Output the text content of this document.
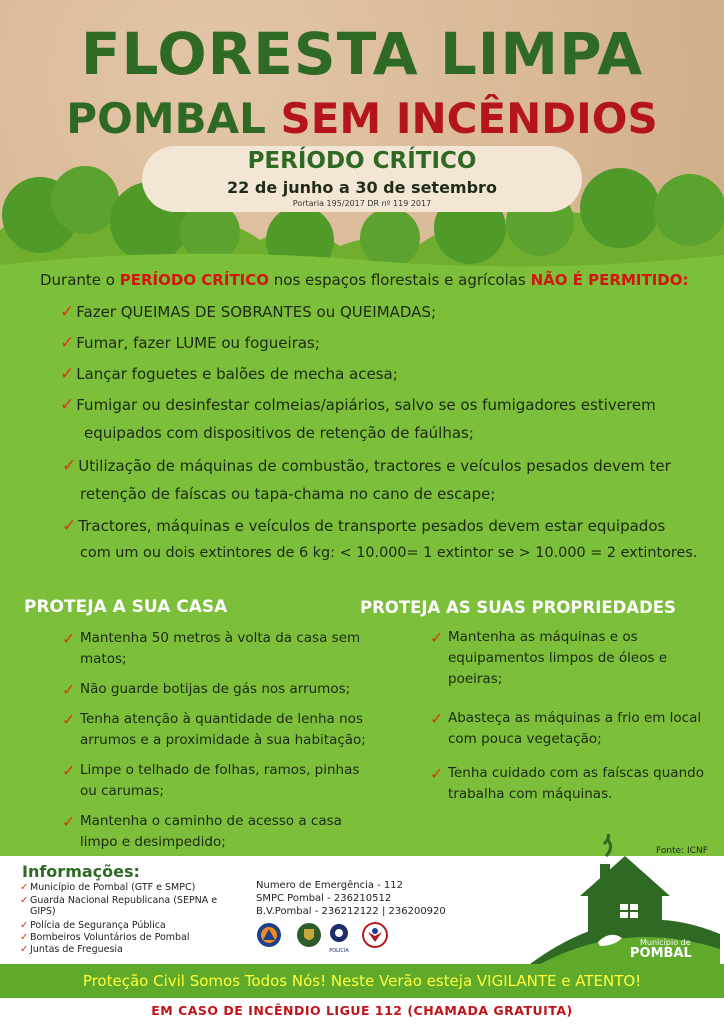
FLORESTA LIMPA
POMBAL SEM INCÊNDIOS
PERÍODO CRÍTICO
22 de junho a 30 de setembro
Portaria 195/2017 DR nº 119 2017
Durante o PERÍODO CRÍTICO nos espaços florestais e agrícolas NÃO É PERMITIDO:
✓ Fazer QUEIMAS DE SOBRANTES ou QUEIMADAS;
✓ Fumar, fazer LUME ou fogueiras;
✓ Lançar foguetes e balões de mecha acesa;
✓ Fumigar ou desinfestar colmeias/apiários, salvo se os fumigadores estiverem
equipados com dispositivos de retenção de faúlhas;
✓ Utilização de máquinas de combustão, tractores e veículos pesados devem ter
retenção de faíscas ou tapa-chama no cano de escape;
✓ Tractores, máquinas e veículos de transporte pesados devem estar equipados
com um ou dois extintores de 6 kg: < 10.000= 1 extintor se > 10.000 = 2 extintores.
PROTEJA A SUA CASA	PROTEJA AS SUAS PROPRIEDADES
✓ Mantenha 50 metros à volta da casa sem
matos;
✓ Não guarde botijas de gás nos arrumos;
✓ Tenha atenção à quantidade de lenha nos
arrumos e a proximidade à sua habitação;
✓ Limpe o telhado de folhas, ramos, pinhas
ou carumas;
✓ Mantenha o caminho de acesso a casa
limpo e desimpedido;
✓ Mantenha as máquinas e os
equipamentos limpos de óleos e
poeiras;
✓ Abasteça as máquinas a frio em local
com pouca vegetação;
✓ Tenha cuidado com as faíscas quando
trabalha com máquinas.
Fonte: ICNF
Informações:
✓ Município de Pombal (GTF e SMPC)
✓ Guarda Nacional Republicana (SEPNA e GIPS)
✓ Polícia de Segurança Pública
✓ Bombeiros Voluntários de Pombal
✓ Juntas de Freguesia
Numero de Emergência - 112
SMPC Pombal - 236210512
B.V.Pombal - 236212122 | 236200920
POLICIA
Município de
POMBAL
Proteção Civil Somos Todos Nós! Neste Verão esteja VIGILANTE e ATENTO!
EM CASO DE INCÊNDIO LIGUE 112 (CHAMADA GRATUITA)
